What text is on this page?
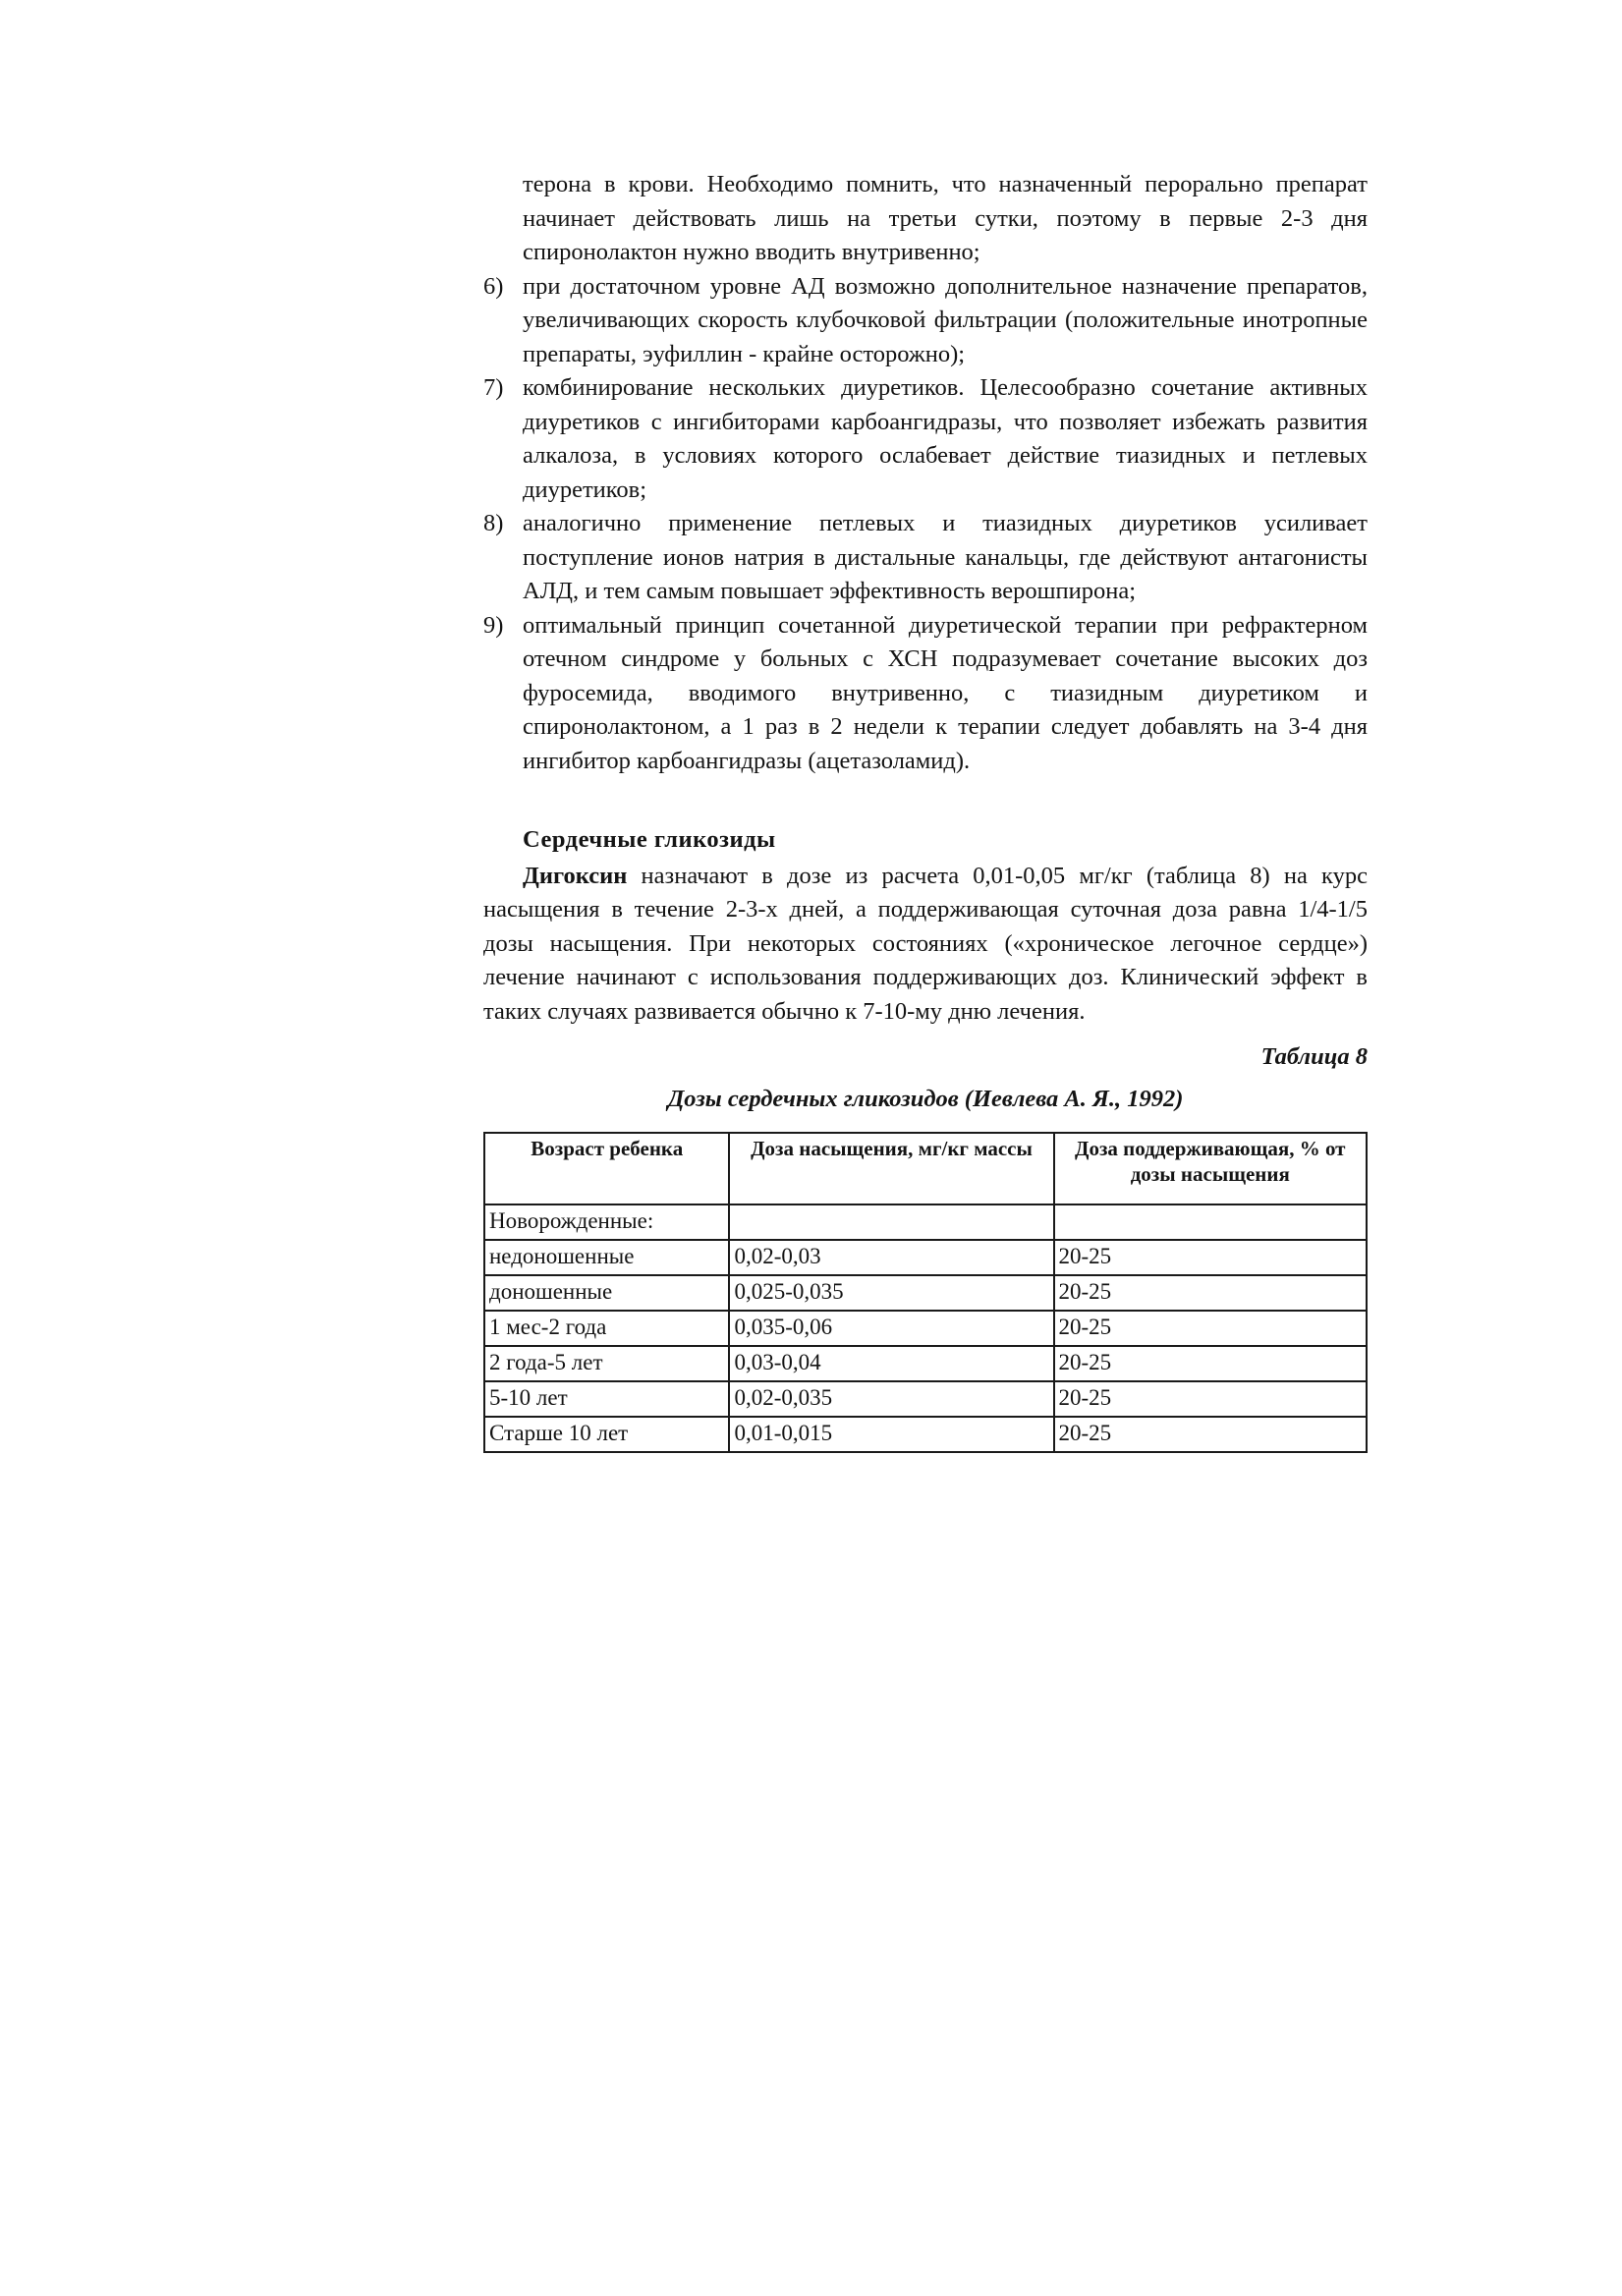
терона в крови. Необходимо помнить, что назначенный перорально препарат начинает действовать лишь на третьи сутки, поэтому в первые 2-3 дня спиронолактон нужно вводить внутривенно;

6) при достаточном уровне АД возможно дополнительное назначение препаратов, увеличивающих скорость клубочковой фильтрации (положительные инотропные препараты, эуфиллин - крайне осторожно);
7) комбинирование нескольких диуретиков. Целесообразно сочетание активных диуретиков с ингибиторами карбоангидразы, что позволяет избежать развития алкалоза, в условиях которого ослабевает действие тиазидных и петлевых диуретиков;
8) аналогично применение петлевых и тиазидных диуретиков усиливает поступление ионов натрия в дистальные канальцы, где действуют антагонисты АЛД, и тем самым повышает эффективность верошпирона;
9) оптимальный принцип сочетанной диуретической терапии при рефрактерном отечном синдроме у больных с ХСН подразумевает сочетание высоких доз фуросемида, вводимого внутривенно, с тиазидным диуретиком и спиронолактоном, а 1 раз в 2 недели к терапии следует добавлять на 3-4 дня ингибитор карбоангидразы (ацетазоламид).
Сердечные гликозиды

Дигоксин назначают в дозе из расчета 0,01-0,05 мг/кг (таблица 8) на курс насыщения в течение 2-3-х дней, а поддерживающая суточная доза равна 1/4-1/5 дозы насыщения. При некоторых состояниях («хроническое легочное сердце») лечение начинают с использования поддерживающих доз. Клинический эффект в таких случаях развивается обычно к 7-10-му дню лечения.

Таблица 8

Дозы сердечных гликозидов (Иевлева А. Я., 1992)

Возраст ребенка	Доза насыщения, мг/кг массы	Доза поддерживающая, % от дозы насыщения
Новорожденные:		
недоношенные	0,02-0,03	20-25
доношенные	0,025-0,035	20-25
1 мес-2 года	0,035-0,06	20-25
2 года-5 лет	0,03-0,04	20-25
5-10 лет	0,02-0,035	20-25
Старше 10 лет	0,01-0,015	20-25
